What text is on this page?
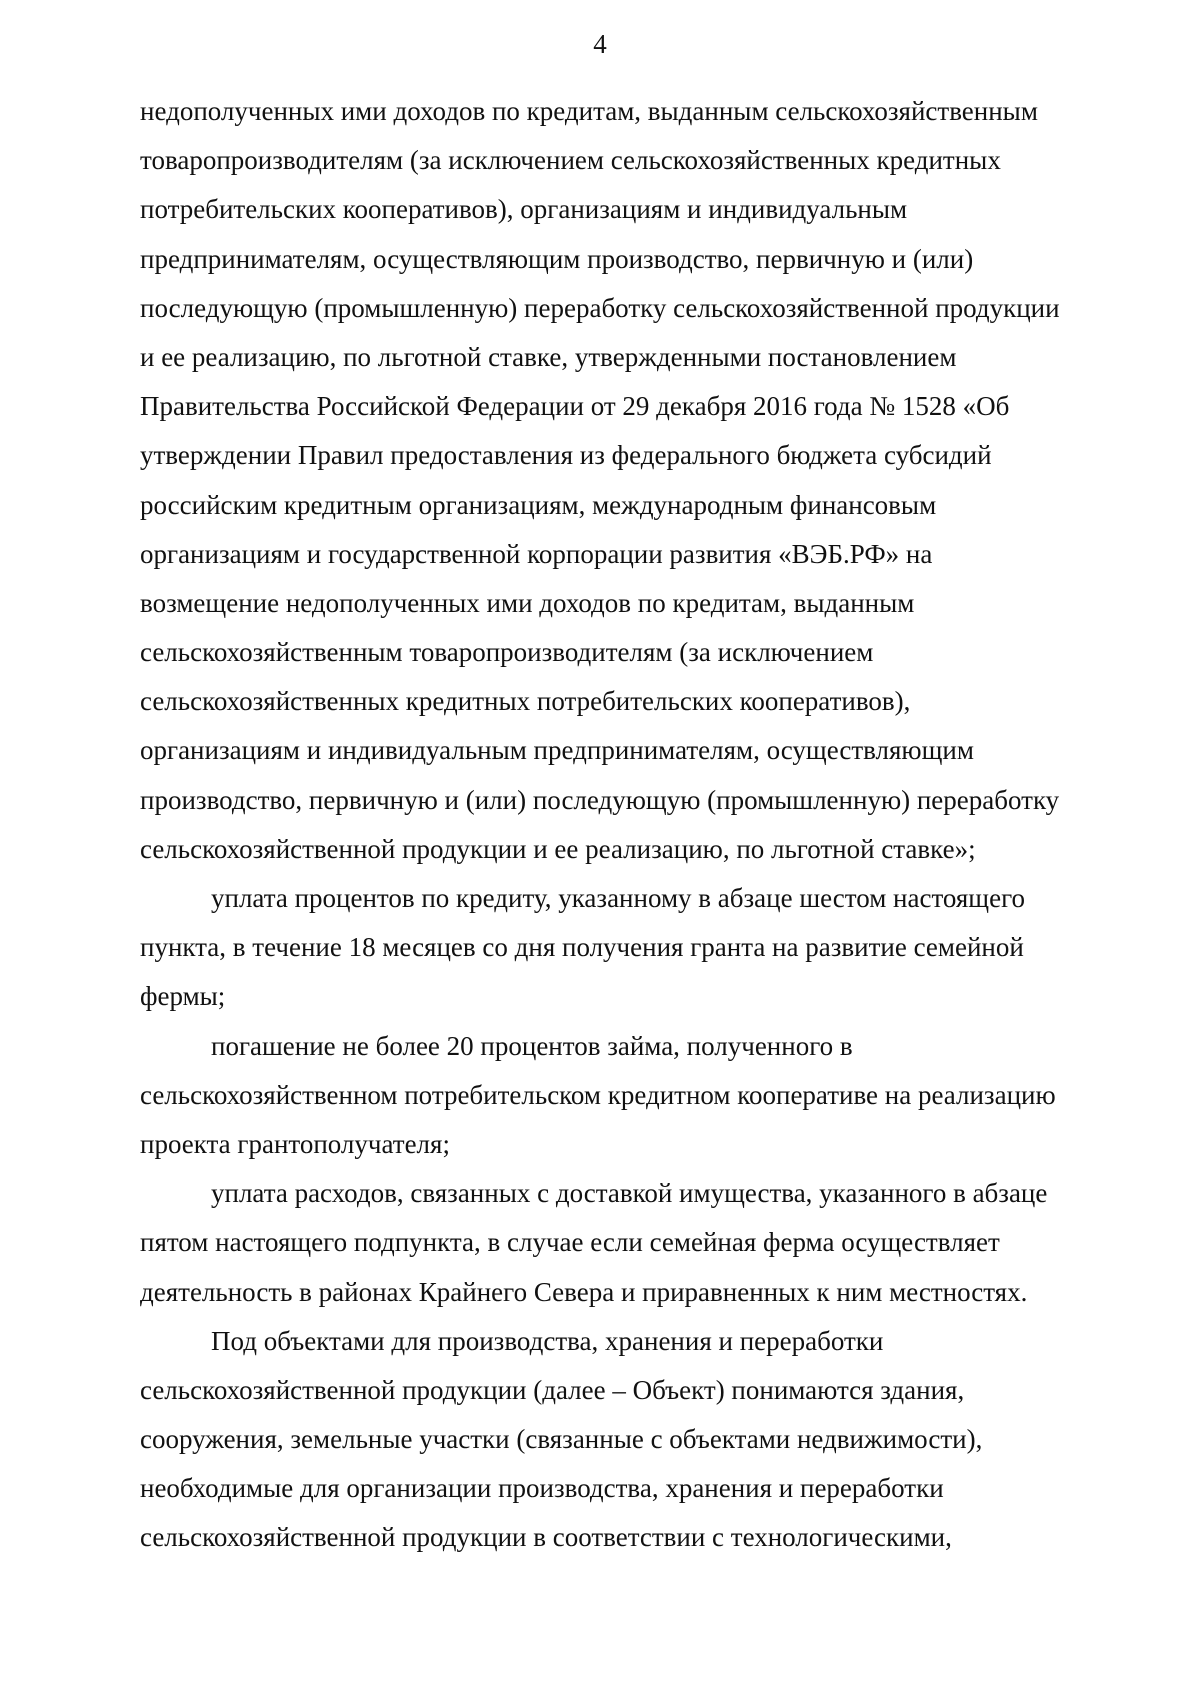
4
недополученных ими доходов по кредитам, выданным сельскохозяйственным
товаропроизводителям (за исключением сельскохозяйственных кредитных
потребительских кооперативов), организациям и индивидуальным
предпринимателям, осуществляющим производство, первичную и (или)
последующую (промышленную) переработку сельскохозяйственной продукции
и ее реализацию, по льготной ставке, утвержденными постановлением
Правительства Российской Федерации от 29 декабря 2016 года № 1528 «Об
утверждении Правил предоставления из федерального бюджета субсидий
российским кредитным организациям, международным финансовым
организациям и государственной корпорации развития «ВЭБ.РФ» на
возмещение недополученных ими доходов по кредитам, выданным
сельскохозяйственным товаропроизводителям (за исключением
сельскохозяйственных кредитных потребительских кооперативов),
организациям и индивидуальным предпринимателям, осуществляющим
производство, первичную и (или) последующую (промышленную) переработку
сельскохозяйственной продукции и ее реализацию, по льготной ставке»;
уплата процентов по кредиту, указанному в абзаце шестом настоящего
пункта, в течение 18 месяцев со дня получения гранта на развитие семейной
фермы;
погашение не более 20 процентов займа, полученного в
сельскохозяйственном потребительском кредитном кооперативе на реализацию
проекта грантополучателя;
уплата расходов, связанных с доставкой имущества, указанного в абзаце
пятом настоящего подпункта, в случае если семейная ферма осуществляет
деятельность в районах Крайнего Севера и приравненных к ним местностях.
Под объектами для производства, хранения и переработки
сельскохозяйственной продукции (далее – Объект) понимаются здания,
сооружения, земельные участки (связанные с объектами недвижимости),
необходимые для организации производства, хранения и переработки
сельскохозяйственной продукции в соответствии с технологическими,
